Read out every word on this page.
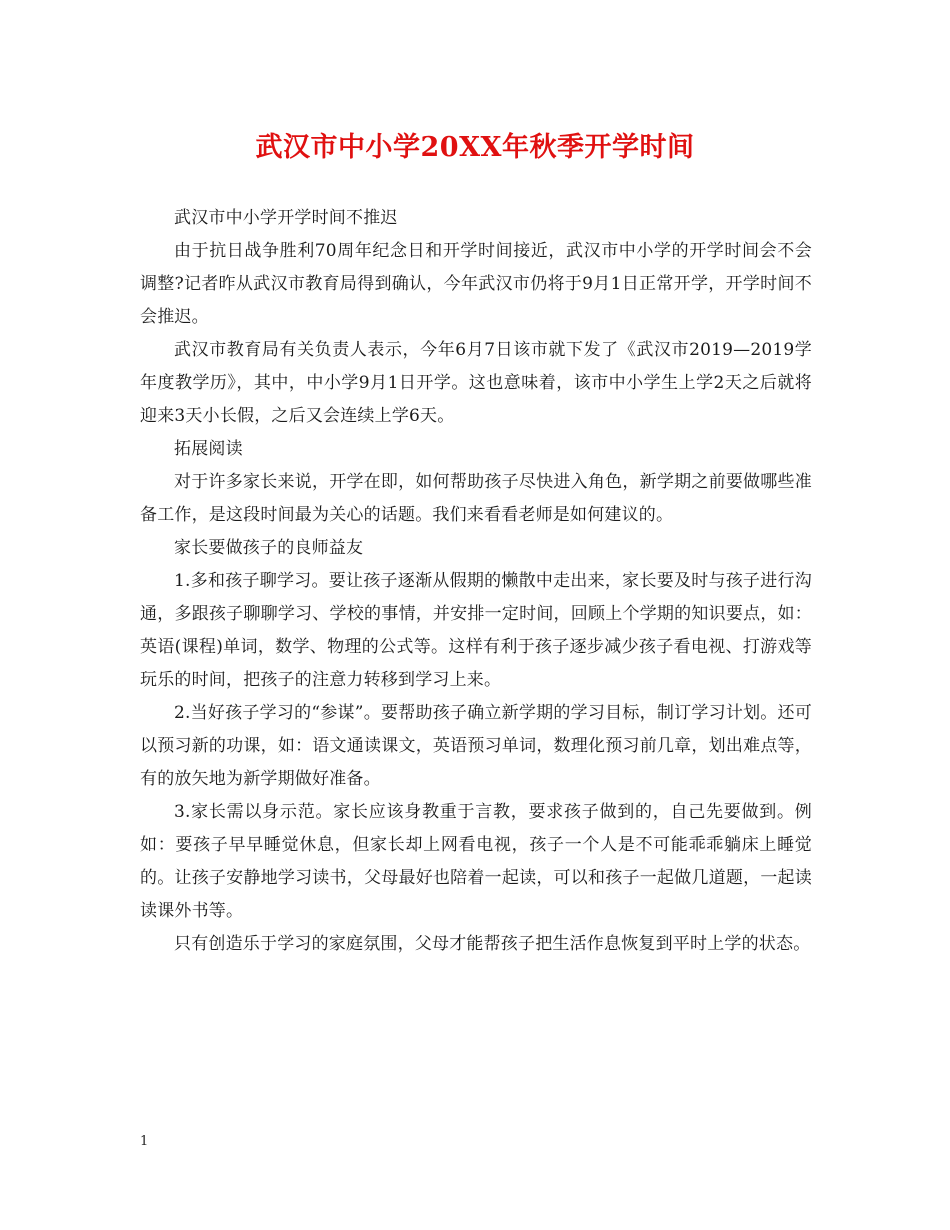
武汉市中小学20XX年秋季开学时间

武汉市中小学开学时间不推迟

由于抗日战争胜利70周年纪念日和开学时间接近，武汉市中小学的开学时间会不会调整?记者昨从武汉市教育局得到确认，今年武汉市仍将于9月1日正常开学，开学时间不会推迟。

武汉市教育局有关负责人表示，今年6月7日该市就下发了《武汉市2019—2019学年度教学历》，其中，中小学9月1日开学。这也意味着，该市中小学生上学2天之后就将迎来3天小长假，之后又会连续上学6天。

拓展阅读

对于许多家长来说，开学在即，如何帮助孩子尽快进入角色，新学期之前要做哪些准备工作，是这段时间最为关心的话题。我们来看看老师是如何建议的。

家长要做孩子的良师益友

1.多和孩子聊学习。要让孩子逐渐从假期的懒散中走出来，家长要及时与孩子进行沟通，多跟孩子聊聊学习、学校的事情，并安排一定时间，回顾上个学期的知识要点，如：英语(课程)单词，数学、物理的公式等。这样有利于孩子逐步减少孩子看电视、打游戏等玩乐的时间，把孩子的注意力转移到学习上来。

2.当好孩子学习的“参谋”。要帮助孩子确立新学期的学习目标，制订学习计划。还可以预习新的功课，如：语文通读课文，英语预习单词，数理化预习前几章，划出难点等，有的放矢地为新学期做好准备。

3.家长需以身示范。家长应该身教重于言教，要求孩子做到的，自己先要做到。例如：要孩子早早睡觉休息，但家长却上网看电视，孩子一个人是不可能乖乖躺床上睡觉的。让孩子安静地学习读书，父母最好也陪着一起读，可以和孩子一起做几道题，一起读读课外书等。

只有创造乐于学习的家庭氛围，父母才能帮孩子把生活作息恢复到平时上学的状态。

1
